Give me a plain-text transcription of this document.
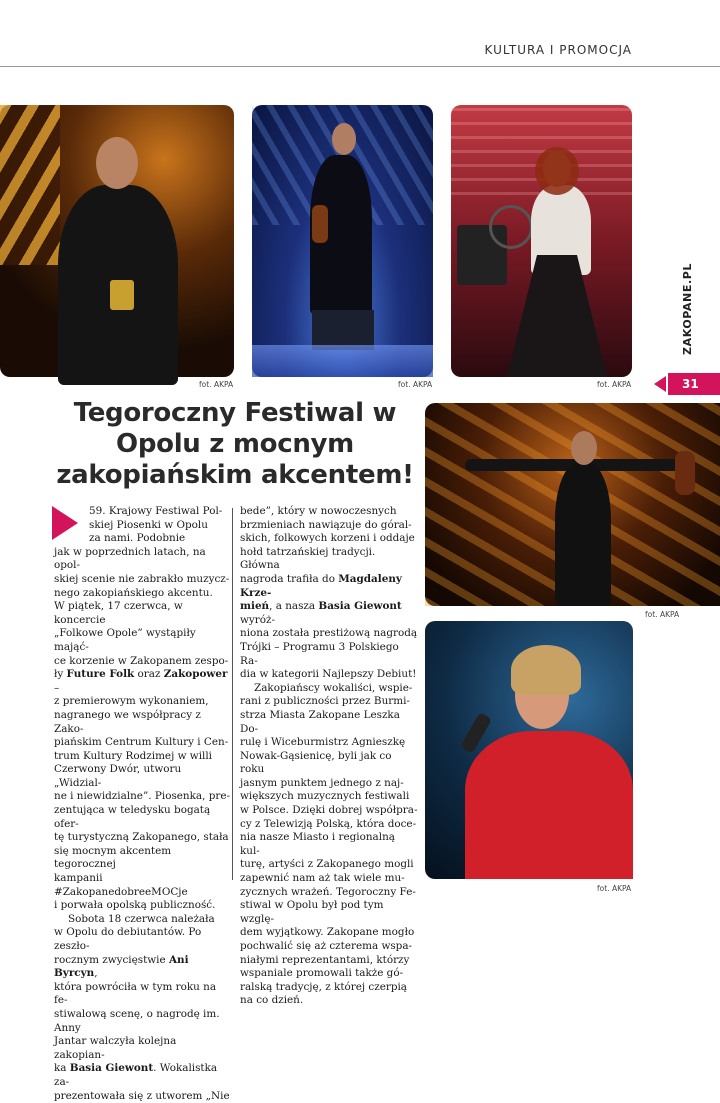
KULTURA I PROMOCJA
fot. AKPA	fot. AKPA	fot. AKPA
ZAKOPANE.PL
31
fot. AKPA
fot. AKPA
Tegoroczny Festiwal w Opolu z mocnym zakopiańskim akcentem!

59. Krajowy Festiwal Pol-

skiej Piosenki w Opolu

za nami. Podobnie

jak w poprzednich latach, na opol-

skiej scenie nie zabrakło muzycz-

nego zakopiańskiego akcentu.

W piątek, 17 czerwca, w koncercie

„Folkowe Opole” wystąpiły mająć-

ce korzenie w Zakopanem zespo-

ły Future Folk oraz Zakopower –

z premierowym wykonaniem,

nagranego we współpracy z Zako-

piańskim Centrum Kultury i Cen-

trum Kultury Rodzimej w willi

Czerwony Dwór, utworu „Widzial-

ne i niewidzialne”. Piosenka, pre-

zentująca w teledysku bogatą ofer-

tę turystyczną Zakopanego, stała

się mocnym akcentem tegorocznej

kampanii #ZakopanedobreeMOCje

i porwała opolską publiczność.

Sobota 18 czerwca należała

w Opolu do debiutantów. Po zeszło-

rocznym zwycięstwie Ani Byrcyn,

która powróciła w tym roku na fe-

stiwalową scenę, o nagrodę im. Anny

Jantar walczyła kolejna zakopian-

ka Basia Giewont. Wokalistka za-

prezentowała się z utworem „Nie

bede”, który w nowoczesnych

brzmieniach nawiązuje do góral-

skich, folkowych korzeni i oddaje

hołd tatrzańskiej tradycji. Główna

nagroda trafiła do Magdaleny Krze-

mień, a nasza Basia Giewont wyróż-

niona została prestiżową nagrodą

Trójki – Programu 3 Polskiego Ra-

dia w kategorii Najlepszy Debiut!

Zakopiańscy wokaliści, wspie-

rani z publiczności przez Burmi-

strza Miasta Zakopane Leszka Do-

rulę i Wiceburmistrz Agnieszkę

Nowak-Gąsienicę, byli jak co roku

jasnym punktem jednego z naj-

większych muzycznych festiwali

w Polsce. Dzięki dobrej współpra-

cy z Telewizją Polską, która doce-

nia nasze Miasto i regionalną kul-

turę, artyści z Zakopanego mogli

zapewnić nam aż tak wiele mu-

zycznych wrażeń. Tegoroczny Fe-

stiwal w Opolu był pod tym wzglę-

dem wyjątkowy. Zakopane mogło

pochwalić się aż czterema wspa-

niałymi reprezentantami, którzy

wspaniale promowali także gó-

ralską tradycję, z której czerpią

na co dzień.
